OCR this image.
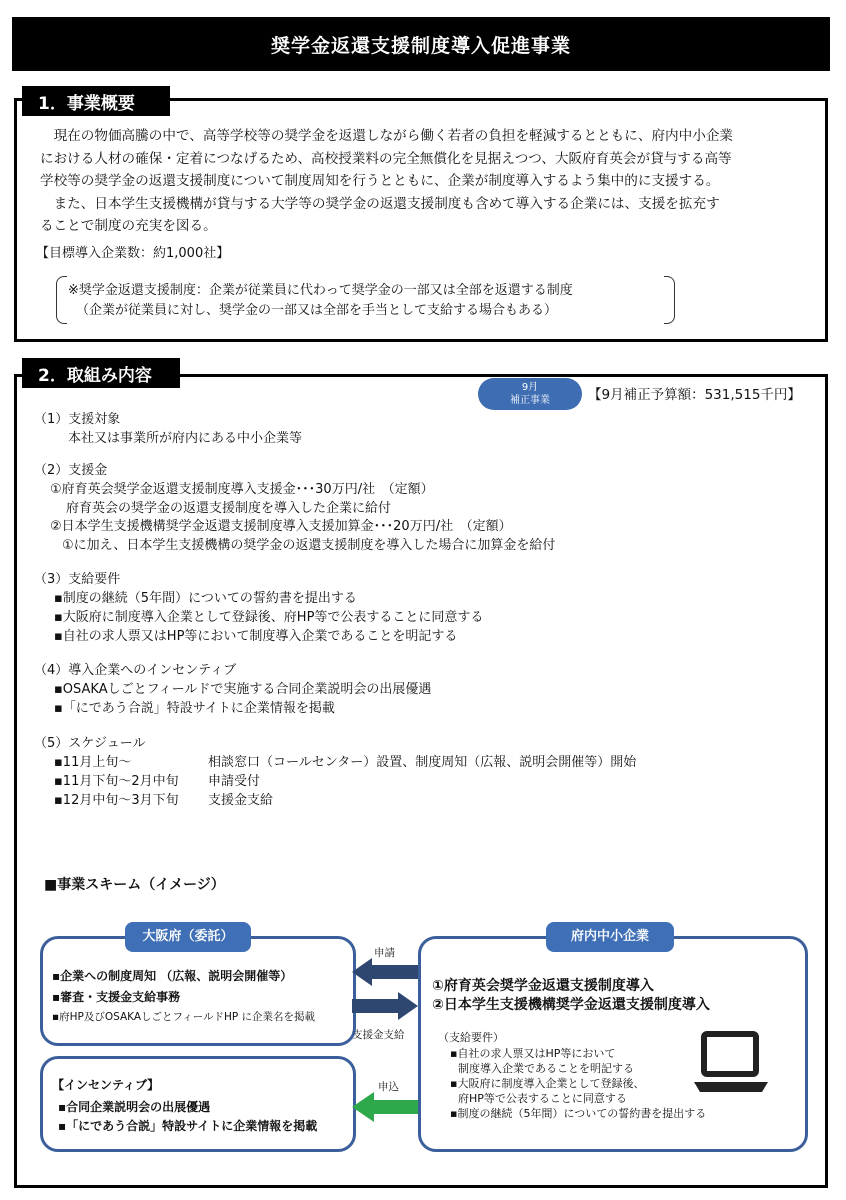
奨学金返還支援制度導入促進事業
1．事業概要
　現在の物価高騰の中で、高等学校等の奨学金を返還しながら働く若者の負担を軽減するとともに、府内中小企業
における人材の確保・定着につなげるため、高校授業料の完全無償化を見据えつつ、大阪府育英会が貸与する高等
学校等の奨学金の返還支援制度について制度周知を行うとともに、企業が制度導入するよう集中的に支援する。
　また、日本学生支援機構が貸与する大学等の奨学金の返還支援制度も含めて導入する企業には、支援を拡充す
ることで制度の充実を図る。
【目標導入企業数：約1,000社】
※奨学金返還支援制度：企業が従業員に代わって奨学金の一部又は全部を返還する制度
（企業が従業員に対し、奨学金の一部又は全部を手当として支給する場合もある）
2．取組み内容
9月
補正事業	【9月補正予算額：531,515千円】
（1）支援対象
本社又は事業所が府内にある中小企業等
（2）支援金
①府育英会奨学金返還支援制度導入支援金･･･30万円/社　（定額）
府育英会の奨学金の返還支援制度を導入した企業に給付
②日本学生支援機構奨学金返還支援制度導入支援加算金･･･20万円/社　（定額）
①に加え、日本学生支援機構の奨学金の返還支援制度を導入した場合に加算金を給付
（3）支給要件
▪制度の継続（5年間）についての誓約書を提出する
▪大阪府に制度導入企業として登録後、府HP等で公表することに同意する
▪自社の求人票又はHP等において制度導入企業であることを明記する
（4）導入企業へのインセンティブ
▪OSAKAしごとフィールドで実施する合同企業説明会の出展優遇
▪「にであう合説」特設サイトに企業情報を掲載
（5）スケジュール
▪11月上旬～	相談窓口（コールセンター）設置、制度周知（広報、説明会開催等）開始
▪11月下旬～2月中旬 申請受付
▪12月中旬～3月下旬 支援金支給
■事業スキーム（イメージ）
大阪府（委託）
▪企業への制度周知 （広報、説明会開催等）
▪審査・支援金支給事務
▪府HP及びOSAKAしごとフィールドHP に企業名を掲載
【インセンティブ】
▪合同企業説明会の出展優遇
▪「にであう合説」特設サイトに企業情報を掲載
府内中小企業
①府育英会奨学金返還支援制度導入
②日本学生支援機構奨学金返還支援制度導入
（支給要件）
▪自社の求人票又はHP等において
制度導入企業であることを明記する
▪大阪府に制度導入企業として登録後、
府HP等で公表することに同意する
▪制度の継続（5年間）についての誓約書を提出する
申請
支援金支給
申込
